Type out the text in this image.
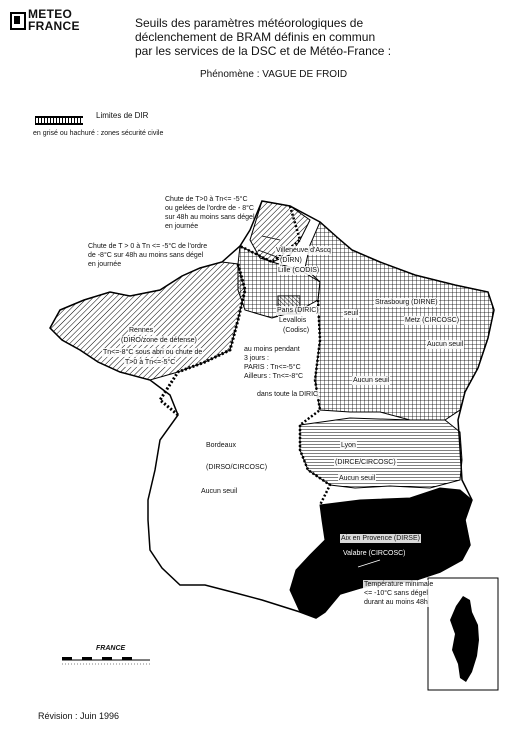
METEO
FRANCE	Seuils des paramètres météorologiques de
déclenchement de BRAM définis en commun
par les services de la DSC et de Météo-France :
Phénomène : VAGUE DE FROID
Limites de DIR
en grisé ou hachuré : zones sécurité civile
Chute de T>0 à Tn<= -5°C
ou gelées de l'ordre de - 8°C
sur 48h au moins sans dégel
en journée
Chute de T > 0 à Tn <= -5°C de l'ordre
de -8°C sur 48h au moins sans dégel
en journée
Villeneuve d'Ascq
(DIRN)
Lille (CODIS)
Paris (DIRIC)
Levallois
(Codisc)
au moins pendant
3 jours :
PARIS : Tn<=-5°C
Ailleurs : Tn<=-8°C
dans toute la DIRIC
Strasbourg (DIRNE)
seuil
Metz (CIRCOSC)
Aucun seuil
Aucun seuil
Rennes
(DIRO/zone de défense)
Tn<=-8°C sous abri ou chute de
T>0 à Tn<=-5°C
Bordeaux
(DIRSO/CIRCOSC)
Aucun seuil
Lyon
(DIRCE/CIRCOSC)
Aucun seuil
Aix en Provence (DIRSE)
Valabre (CIRCOSC)
Température minimale
<= -10°C sans dégel
durant au moins 48h
FRANCE
Révision : Juin 1996
